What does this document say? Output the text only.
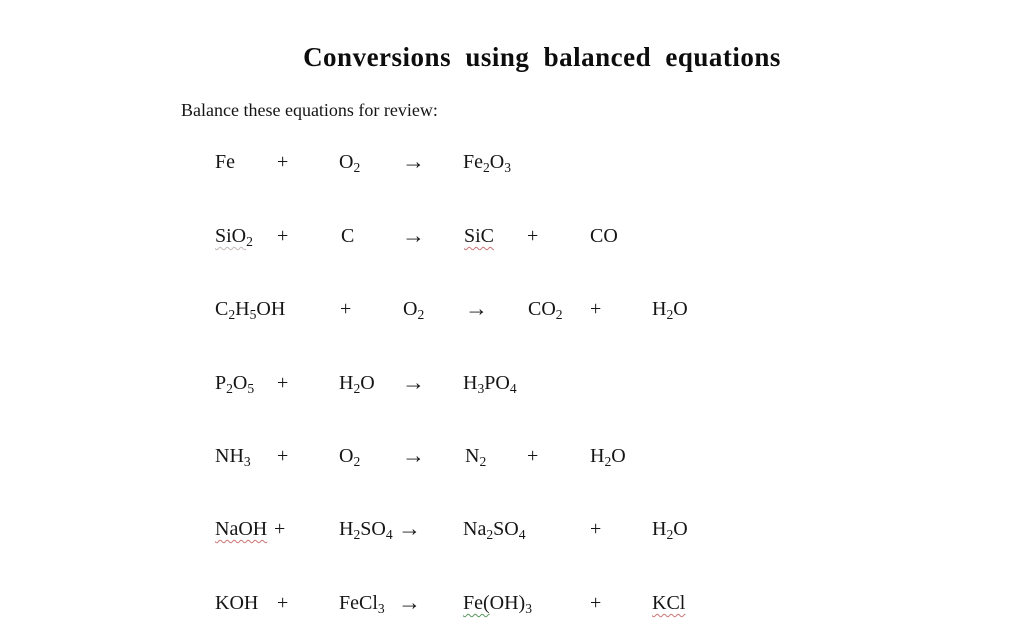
Conversions using balanced equations
Balance these equations for review:
Fe +	$O_2 \to Fe_2O_3$
SiO$_2$ +	C → SiC +	CO
$C_2H_5OH$	+	$O_2 \to CO_2$ +	$H_2O$
$P_2O_5$ +	$H_2O \to H_3PO_4$
$NH_3$ +	$O_2 \to N_2$ +	$H_2O$
NaOH +	$H_2SO_4 \to Na_2SO_4$	+	$H_2O$
KOH +	FeCl$_3$ → $Fe(OH)_3$	+	KCl
